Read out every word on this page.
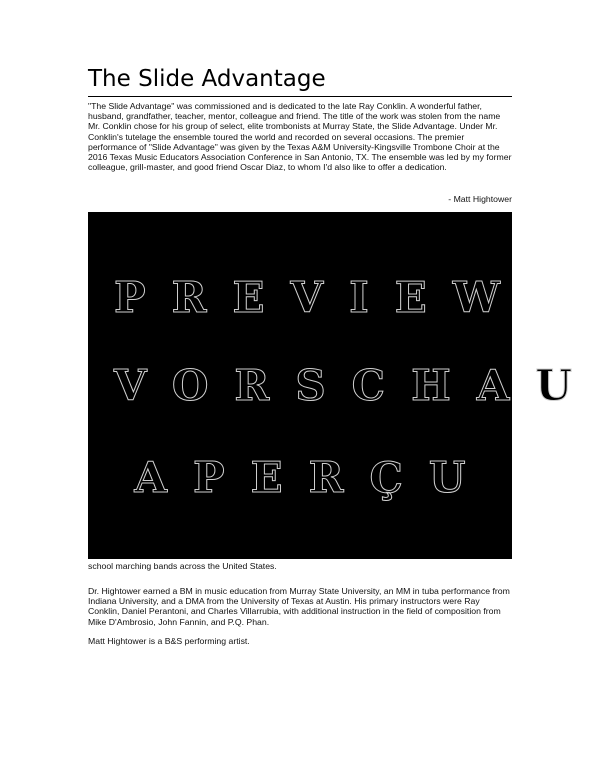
The Slide Advantage

"The Slide Advantage" was commissioned and is dedicated to the late Ray Conklin. A wonderful father, husband, grandfather, teacher, mentor, colleague and friend. The title of the work was stolen from the name Mr. Conklin chose for his group of select, elite trombonists at Murray State, the Slide Advantage. Under Mr. Conklin's tutelage the ensemble toured the world and recorded on several occasions. The premier performance of "Slide Advantage" was given by the Texas A&M University-Kingsville Trombone Choir at the 2016 Texas Music Educators Association Conference in San Antonio, TX. The ensemble was led by my former colleague, grill-master, and good friend Oscar Diaz, to whom I'd also like to offer a dedication.

- Matt Hightower
PREVIEW
VORSCHAU
APERÇU

school marching bands across the United States.

Dr. Hightower earned a BM in music education from Murray State University, an MM in tuba performance from Indiana University, and a DMA from the University of Texas at Austin. His primary instructors were Ray Conklin, Daniel Perantoni, and Charles Villarrubia, with additional instruction in the field of composition from Mike D'Ambrosio, John Fannin, and P.Q. Phan.

Matt Hightower is a B&S performing artist.
